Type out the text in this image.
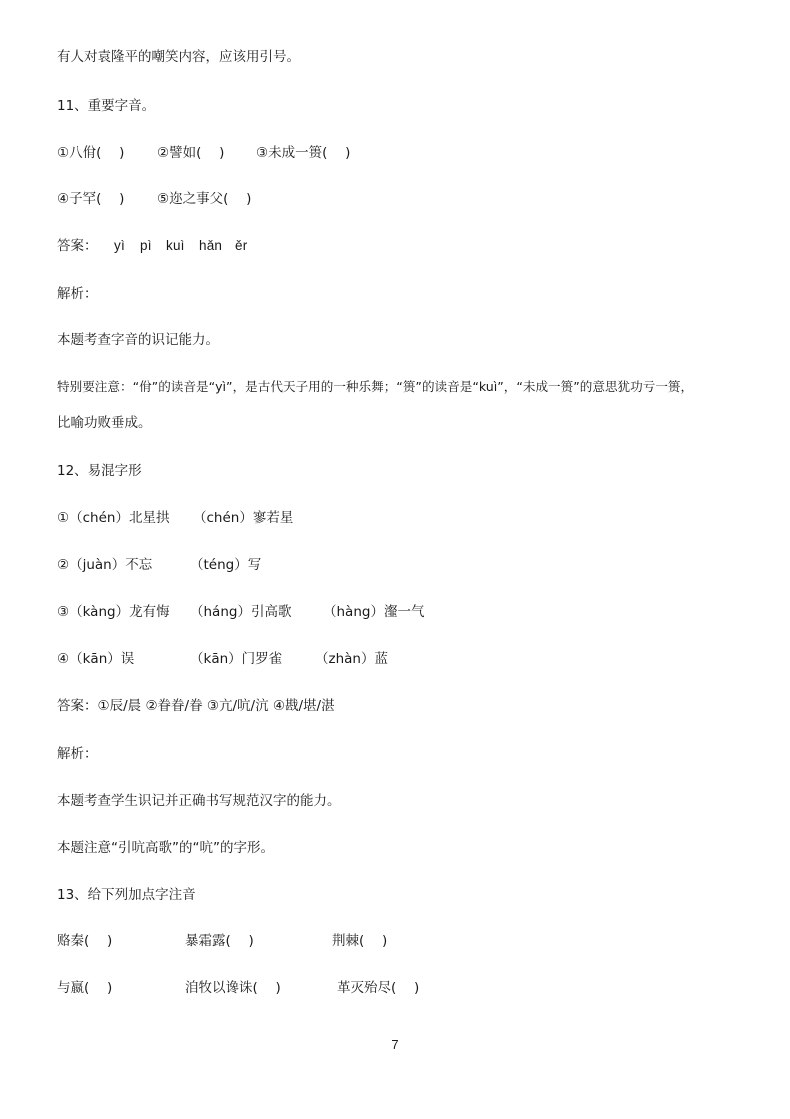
有人对袁隆平的嘲笑内容，应该用引号。
11、重要字音。
①八佾(　 ) ②譬如(　 ) ③未成一篑(　 )
④子罕(　 ) ⑤迩之事父(　 )
答案： yì pì kuì hǎn ěr
解析：
本题考查字音的识记能力。
特别要注意：“佾”的读音是“yì”，是古代天子用的一种乐舞；“篑”的读音是“kuì”，“未成一篑”的意思犹功亏一篑，
比喻功败垂成。
12、易混字形
①（chén）北星拱 （chén）寥若星
②（juàn）不忘	（téng）写
③（kàng）龙有悔 （háng）引高歌 （hàng）瀣一气
④（kān）误	（kān）门罗雀 （zhàn）蓝
答案：①辰/晨 ②眷眷/眷 ③亢/吭/沆 ④戡/堪/湛
解析：
本题考查学生识记并正确书写规范汉字的能力。
本题注意“引吭高歌”的“吭”的字形。
13、给下列加点字注音
赂秦(　 )	暴霜露(　 )	荆棘(　 )
与嬴(　 )	洎牧以谗诛(　 )	革灭殆尽(　 )
7
